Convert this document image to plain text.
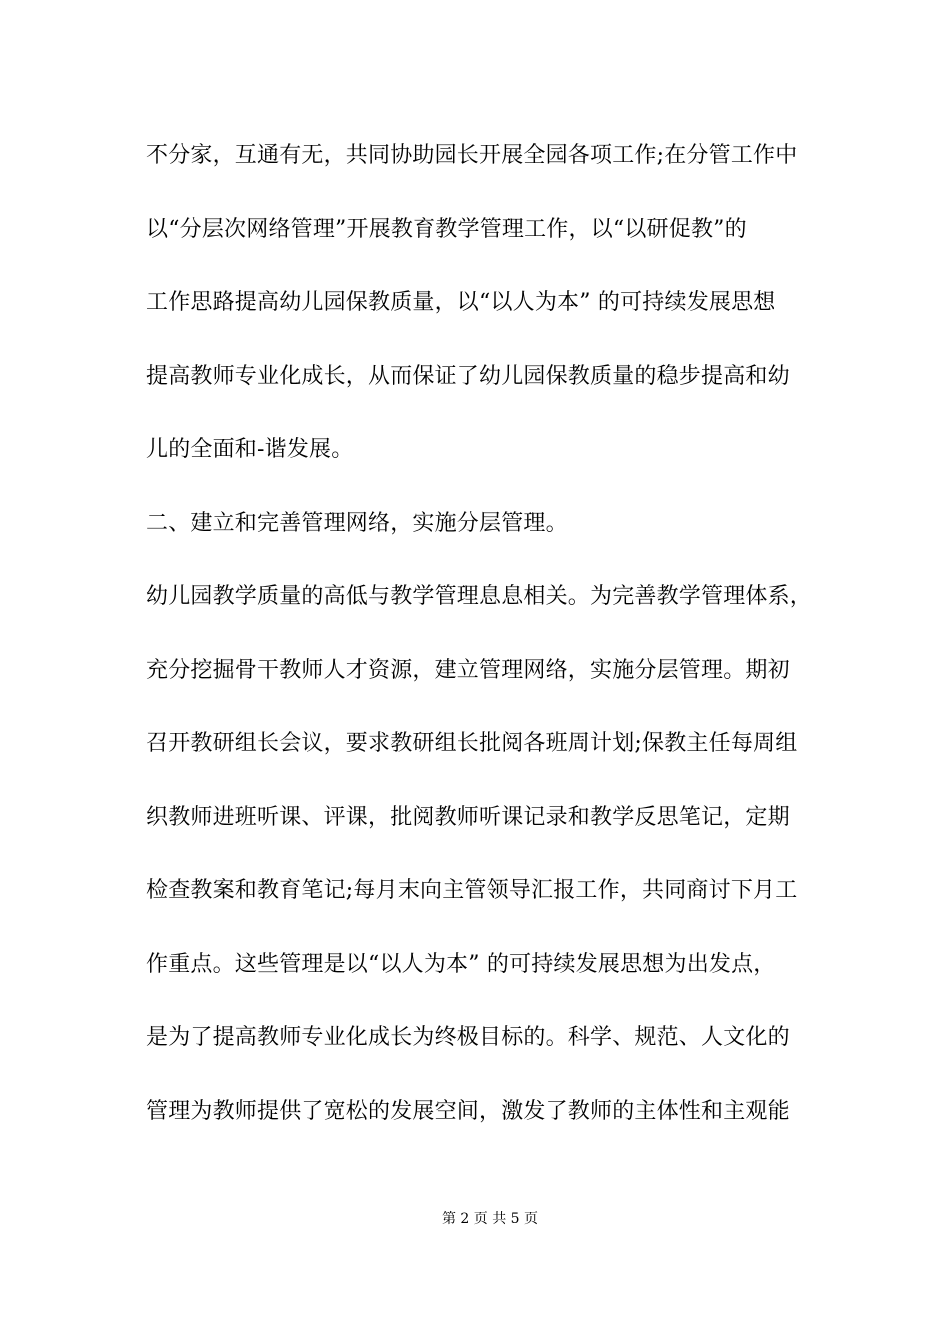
不分家，互通有无，共同协助园长开展全园各项工作;在分管工作中
以“分层次网络管理”开展教育教学管理工作，以“以研促教”的
工作思路提高幼儿园保教质量，以“以人为本” 的可持续发展思想
提高教师专业化成长，从而保证了幼儿园保教质量的稳步提高和幼
儿的全面和-谐发展。
二、建立和完善管理网络，实施分层管理。
幼儿园教学质量的高低与教学管理息息相关。为完善教学管理体系，
充分挖掘骨干教师人才资源，建立管理网络，实施分层管理。期初
召开教研组长会议，要求教研组长批阅各班周计划;保教主任每周组
织教师进班听课、评课，批阅教师听课记录和教学反思笔记，定期
检查教案和教育笔记;每月末向主管领导汇报工作，共同商讨下月工
作重点。这些管理是以“以人为本” 的可持续发展思想为出发点，
是为了提高教师专业化成长为终极目标的。科学、规范、人文化的
管理为教师提供了宽松的发展空间，激发了教师的主体性和主观能
第 2 页 共 5 页
